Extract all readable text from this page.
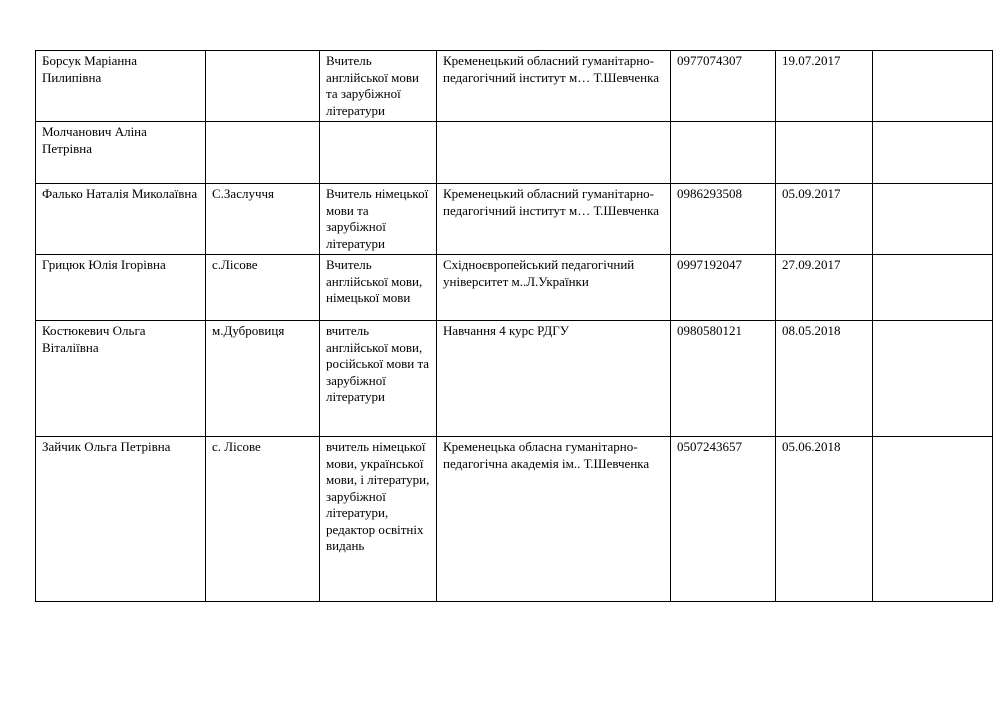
Борсук Маріанна Пилипівна		Вчитель англійської мови та зарубіжної літератури	Кременецький обласний гуманітарно-педагогічний інститут м… Т.Шевченка	0977074307	19.07.2017	
Молчанович Аліна Петрівна						
Фалько Наталія Миколаївна	С.Заслуччя	Вчитель німецької мови та зарубіжної літератури	Кременецький обласний гуманітарно-педагогічний інститут м… Т.Шевченка	0986293508	05.09.2017	
Грицюк Юлія Ігорівна	с.Лісове	Вчитель англійської мови, німецької мови	Східноєвропейський педагогічний університет м..Л.Українки	0997192047	27.09.2017	
Костюкевич Ольга Віталіївна	м.Дубровиця	вчитель англійської мови, російської мови та зарубіжної літератури	Навчання 4 курс РДГУ	0980580121	08.05.2018	
Зайчик Ольга Петрівна	с. Лісове	вчитель німецької мови, української мови, і літератури, зарубіжної літератури, редактор освітніх видань	Кременецька обласна гуманітарно-педагогічна академія ім.. Т.Шевченка	0507243657	05.06.2018	
